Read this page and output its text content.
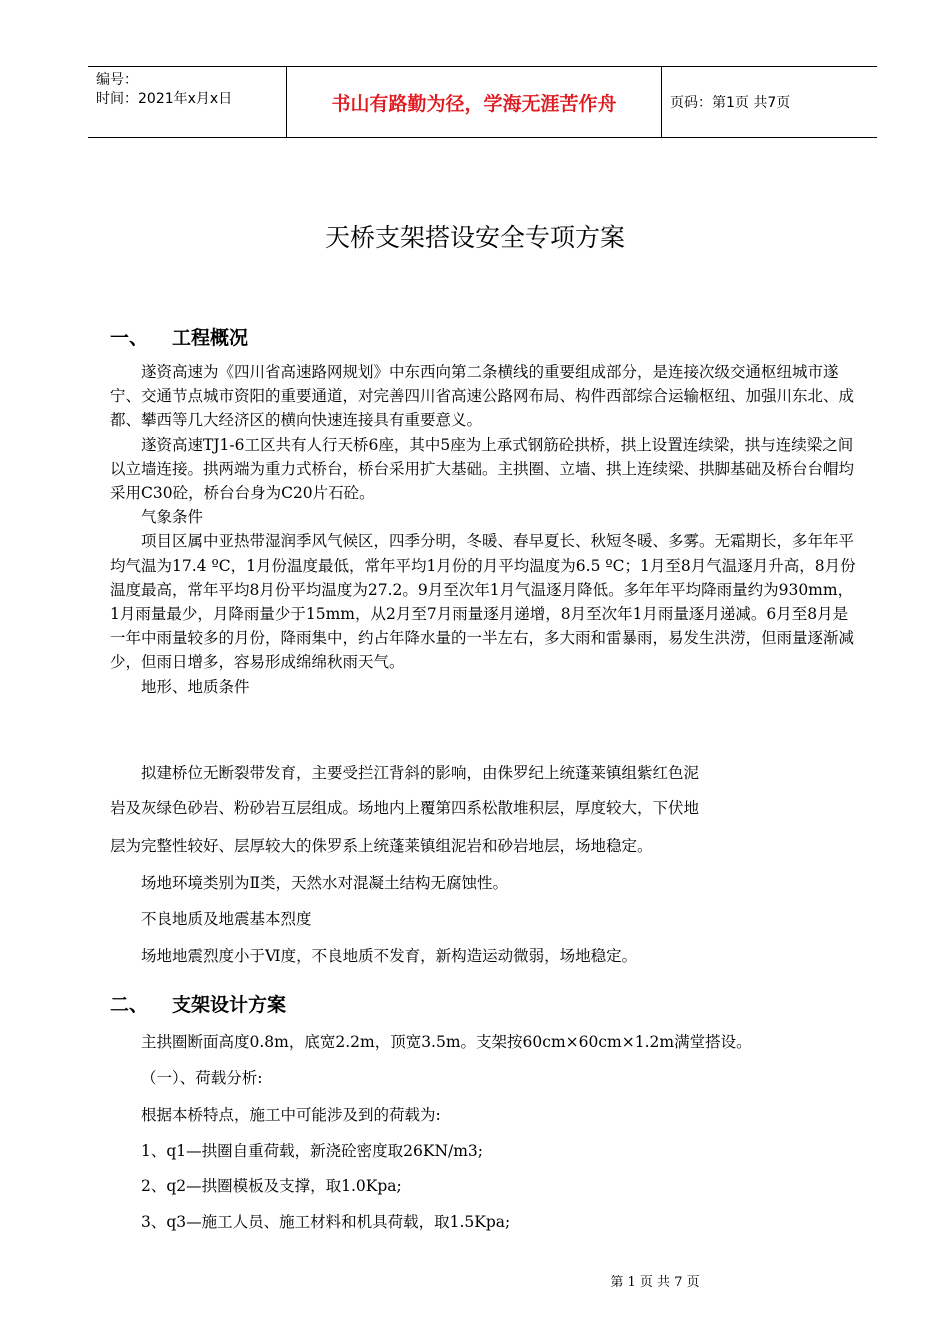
编号：
时间：2021年x月x日	书山有路勤为径，学海无涯苦作舟	页码：第1页 共7页
天桥支架搭设安全专项方案
一、 工程概况

遂资高速为《四川省高速路网规划》中东西向第二条横线的重要组成部分，是连接次级交通枢纽城市遂宁、交通节点城市资阳的重要通道，对完善四川省高速公路网布局、构件西部综合运输枢纽、加强川东北、成都、攀西等几大经济区的横向快速连接具有重要意义。

遂资高速TJ1-6工区共有人行天桥6座，其中5座为上承式钢筋砼拱桥，拱上设置连续梁，拱与连续梁之间以立墙连接。拱两端为重力式桥台，桥台采用扩大基础。主拱圈、立墙、拱上连续梁、拱脚基础及桥台台帽均采用C30砼，桥台台身为C20片石砼。

气象条件

项目区属中亚热带湿润季风气候区，四季分明，冬暖、春早夏长、秋短冬暖、多雾。无霜期长，多年年平均气温为17.4 ºC，1月份温度最低，常年平均1月份的月平均温度为6.5 ºC；1月至8月气温逐月升高，8月份温度最高，常年平均8月份平均温度为27.2。9月至次年1月气温逐月降低。多年年平均降雨量约为930mm，1月雨量最少，月降雨量少于15mm，从2月至7月雨量逐月递增，8月至次年1月雨量逐月递减。6月至8月是一年中雨量较多的月份，降雨集中，约占年降水量的一半左右，多大雨和雷暴雨，易发生洪涝，但雨量逐渐减少，但雨日增多，容易形成绵绵秋雨天气。

地形、地质条件

拟建桥位无断裂带发育，主要受拦江背斜的影响，由侏罗纪上统蓬莱镇组紫红色泥
岩及灰绿色砂岩、粉砂岩互层组成。场地内上覆第四系松散堆积层，厚度较大，下伏地
层为完整性较好、层厚较大的侏罗系上统蓬莱镇组泥岩和砂岩地层，场地稳定。
场地环境类别为Ⅱ类，天然水对混凝土结构无腐蚀性。
不良地质及地震基本烈度
场地地震烈度小于Ⅵ度，不良地质不发育，新构造运动微弱，场地稳定。
二、 支架设计方案
主拱圈断面高度0.8m，底宽2.2m，顶宽3.5m。支架按60cm×60cm×1.2m满堂搭设。
（一）、荷载分析:
根据本桥特点，施工中可能涉及到的荷载为:
1、q1—拱圈自重荷载，新浇砼密度取26KN/m3;
2、q2—拱圈模板及支撑，取1.0Kpa;
3、q3—施工人员、施工材料和机具荷载，取1.5Kpa;
第 1 页 共 7 页
